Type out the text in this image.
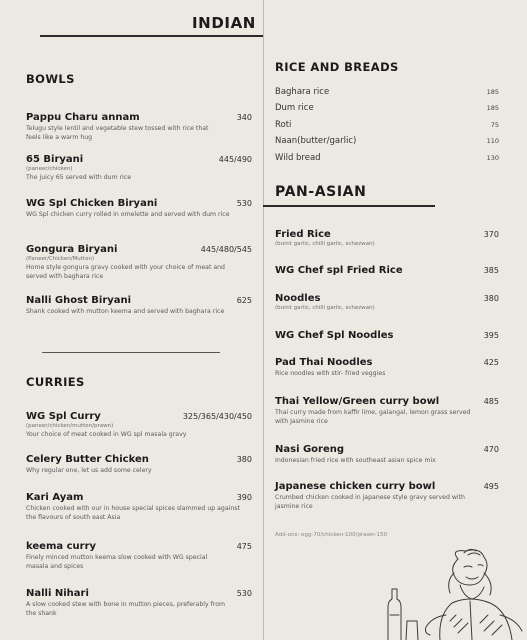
INDIAN
BOWLS
Pappu Charu annam	340
Telugu style lentil and vegetable stew tossed with rice that feels like a warm hug
65 Biryani	445/490
(paneer/chicken)
The juicy 65 served with dum rice
WG Spl Chicken Biryani	530
WG Spl chicken curry rolled in omelette and served with dum rice
Gongura Biryani	445/480/545
(Paneer/Chicken/Mutton)
Home style gongura gravy cooked with your choice of meat and served with baghara rice
Nalli Ghost Biryani	625
Shank cooked with mutton keema and served with baghara rice
CURRIES
WG Spl Curry	325/365/430/450
(paneer/chicken/mutton/prawn)
Your choice of meat cooked in WG spl masala gravy
Celery Butter Chicken	380
Why regular one, let us add some celery
Kari Ayam	390
Chicken cooked with our in house special spices slammed up against the flavours of south east Asia
keema curry	475
Finely minced mutton keema slow cooked with WG special masala and spices
Nalli Nihari	530
A slow cooked stew with bone in mutton pieces, preferably from the shank
RICE AND BREADS
Baghara rice	185
Dum rice	185
Roti	75
Naan(butter/garlic)	110
Wild bread	130
PAN-ASIAN
Fried Rice	370
(burnt garlic, chilli garlic, schezwan)
WG Chef spl Fried Rice	385
Noodles	380
(burnt garlic, chilli garlic, schezwan)
WG Chef Spl Noodles	395
Pad Thai Noodles	425
Rice noodles with stir- fried veggies
Thai Yellow/Green curry bowl	485
Thai curry made from kaffir lime, galangal, lemon grass served with Jasmine rice
Nasi Goreng	470
Indonesian fried rice with southeast asian spice mix
Japanese chicken curry bowl	495
Crumbed chicken cooked in japanese style gravy served with jasmine rice
Add-ons: egg-70/chicken-100/prawn-150
